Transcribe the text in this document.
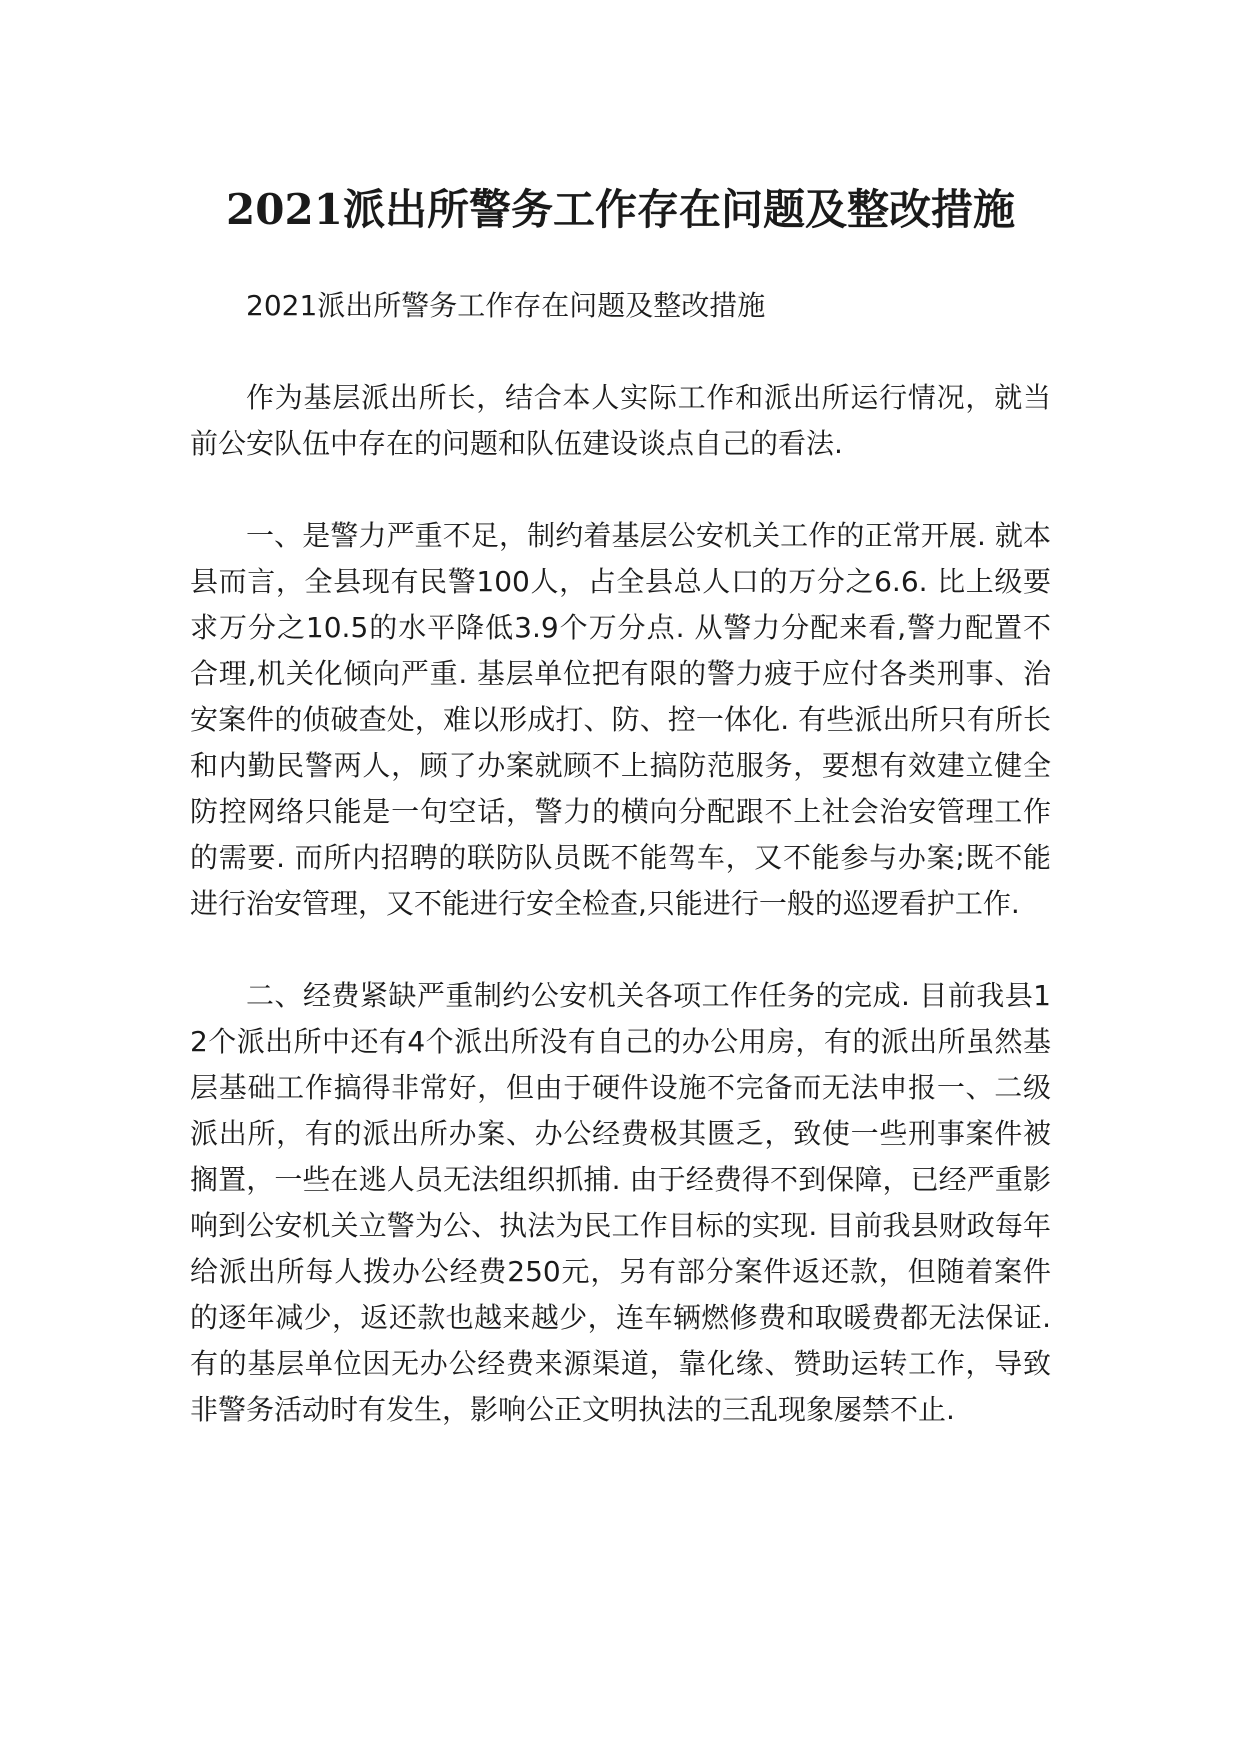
2021派出所警务工作存在问题及整改措施

2021派出所警务工作存在问题及整改措施

作为基层派出所长，结合本人实际工作和派出所运行情况，就当前公安队伍中存在的问题和队伍建设谈点自己的看法.

一、是警力严重不足，制约着基层公安机关工作的正常开展. 就本县而言，全县现有民警100人，占全县总人口的万分之6.6. 比上级要求万分之10.5的水平降低3.9个万分点. 从警力分配来看,警力配置不合理,机关化倾向严重. 基层单位把有限的警力疲于应付各类刑事、治安案件的侦破查处，难以形成打、防、控一体化. 有些派出所只有所长和内勤民警两人，顾了办案就顾不上搞防范服务，要想有效建立健全防控网络只能是一句空话，警力的横向分配跟不上社会治安管理工作的需要. 而所内招聘的联防队员既不能驾车，又不能参与办案;既不能进行治安管理，又不能进行安全检查,只能进行一般的巡逻看护工作.

二、经费紧缺严重制约公安机关各项工作任务的完成. 目前我县12个派出所中还有4个派出所没有自己的办公用房，有的派出所虽然基层基础工作搞得非常好，但由于硬件设施不完备而无法申报一、二级派出所，有的派出所办案、办公经费极其匮乏，致使一些刑事案件被搁置，一些在逃人员无法组织抓捕. 由于经费得不到保障，已经严重影响到公安机关立警为公、执法为民工作目标的实现. 目前我县财政每年给派出所每人拨办公经费250元，另有部分案件返还款，但随着案件的逐年减少，返还款也越来越少，连车辆燃修费和取暖费都无法保证. 有的基层单位因无办公经费来源渠道，靠化缘、赞助运转工作，导致非警务活动时有发生，影响公正文明执法的三乱现象屡禁不止.
